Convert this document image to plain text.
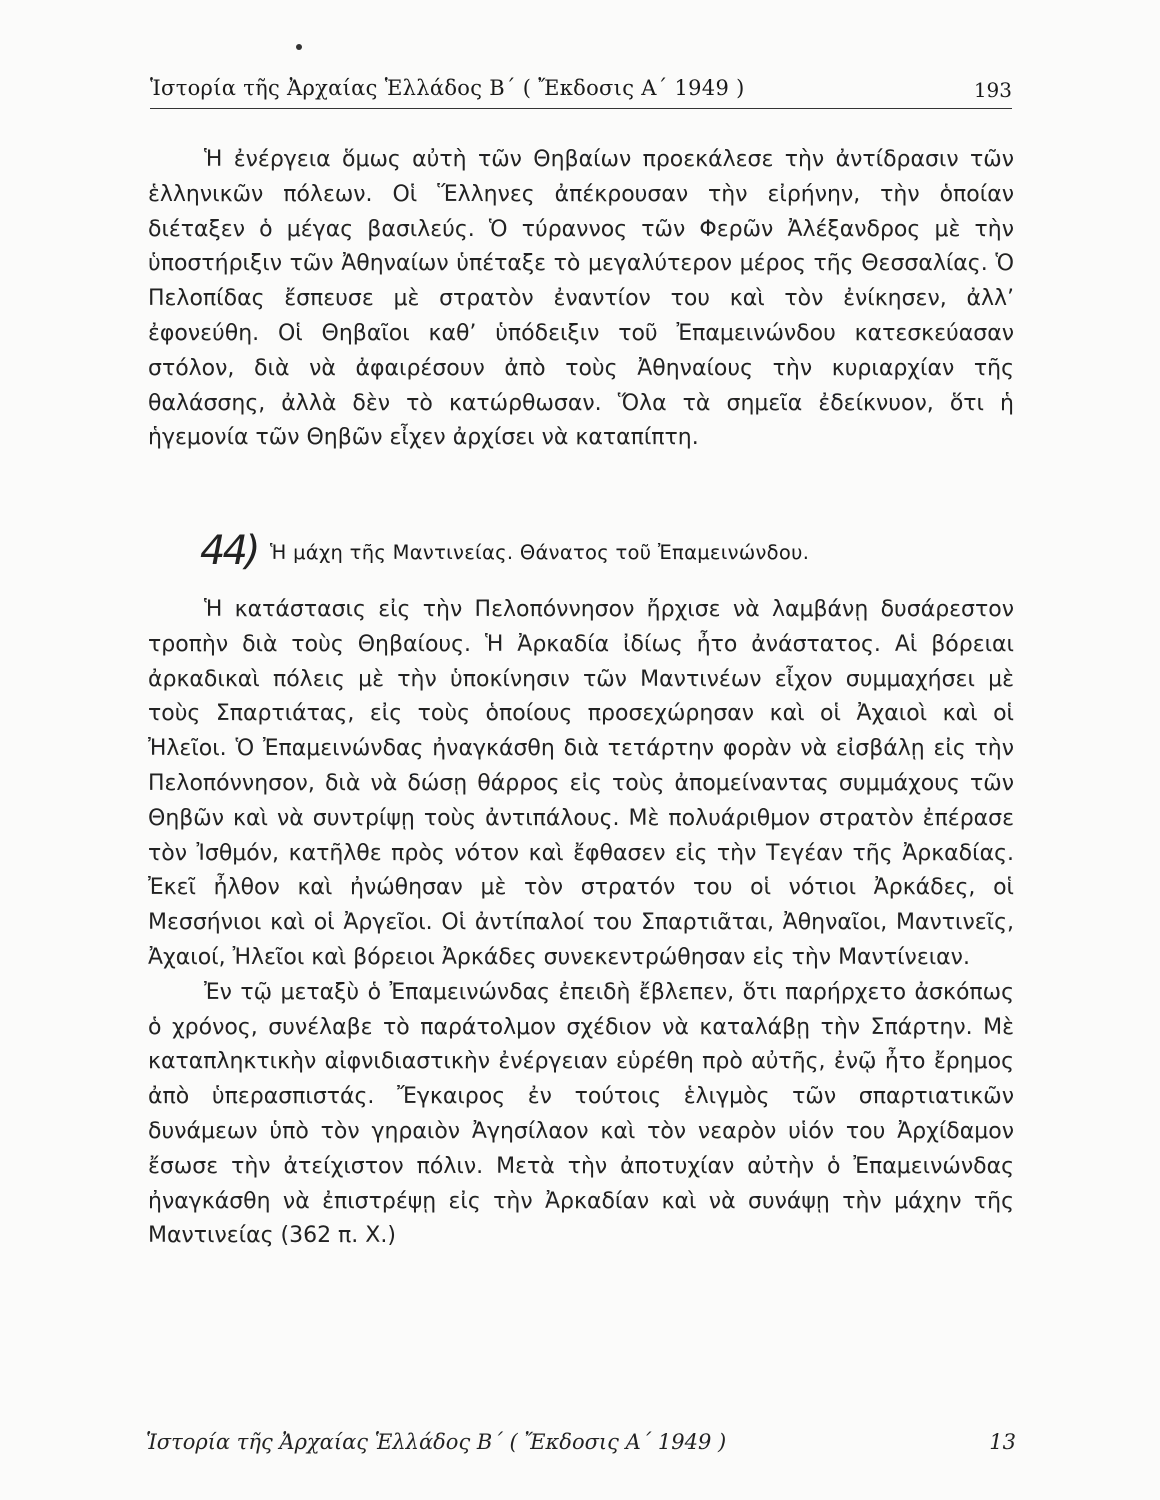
Ἱστορία τῆς Ἀρχαίας Ἑλλάδος Β΄ ( Ἔκδοσις Α΄ 1949 )	193

Ἡ ἐνέργεια ὅμως αὐτὴ τῶν Θηβαίων προεκάλεσε τὴν ἀντίδρασιν τῶν ἑλληνικῶν πόλεων. Οἱ Ἕλληνες ἀπέκρουσαν τὴν εἰρήνην, τὴν ὁποίαν διέταξεν ὁ μέγας βασιλεύς. Ὁ τύραννος τῶν Φερῶν Ἀλέξανδρος μὲ τὴν ὑποστήριξιν τῶν Ἀθηναίων ὑπέταξε τὸ μεγαλύτερον μέρος τῆς Θεσσαλίας. Ὁ Πελοπίδας ἔσπευσε μὲ στρατὸν ἐναντίον του καὶ τὸν ἐνίκησεν, ἀλλ’ ἐφονεύθη. Οἱ Θηβαῖοι καθ’ ὑπόδειξιν τοῦ Ἐπαμεινώνδου κατεσκεύασαν στόλον, διὰ νὰ ἀφαιρέσουν ἀπὸ τοὺς Ἀθηναίους τὴν κυριαρχίαν τῆς θαλάσσης, ἀλλὰ δὲν τὸ κατώρθωσαν. Ὅλα τὰ σημεῖα ἐδείκνυον, ὅτι ἡ ἡγεμονία τῶν Θηβῶν εἶχεν ἀρχίσει νὰ καταπίπτη.

44) Ἡ μάχη τῆς Μαντινείας. Θάνατος τοῦ Ἐπαμεινώνδου.

Ἡ κατάστασις εἰς τὴν Πελοπόννησον ἤρχισε νὰ λαμβάνῃ δυσάρεστον τροπὴν διὰ τοὺς Θηβαίους. Ἡ Ἀρκαδία ἰδίως ἦτο ἀνάστατος. Αἱ βόρειαι ἀρκαδικαὶ πόλεις μὲ τὴν ὑποκίνησιν τῶν Μαντινέων εἶχον συμμαχήσει μὲ τοὺς Σπαρτιάτας, εἰς τοὺς ὁποίους προσεχώρησαν καὶ οἱ Ἀχαιοὶ καὶ οἱ Ἠλεῖοι. Ὁ Ἐπαμεινώνδας ἠναγκάσθη διὰ τετάρτην φορὰν νὰ εἰσβάλῃ εἰς τὴν Πελοπόννησον, διὰ νὰ δώσῃ θάρρος εἰς τοὺς ἀπομείναντας συμμάχους τῶν Θηβῶν καὶ νὰ συντρίψῃ τοὺς ἀντιπάλους. Μὲ πολυάριθμον στρατὸν ἐπέρασε τὸν Ἰσθμόν, κατῆλθε πρὸς νότον καὶ ἔφθασεν εἰς τὴν Τεγέαν τῆς Ἀρκαδίας. Ἐκεῖ ἦλθον καὶ ἠνώθησαν μὲ τὸν στρατόν του οἱ νότιοι Ἀρκάδες, οἱ Μεσσήνιοι καὶ οἱ Ἀργεῖοι. Οἱ ἀντίπαλοί του Σπαρτιᾶται, Ἀθηναῖοι, Μαντινεῖς, Ἀχαιοί, Ἠλεῖοι καὶ βόρειοι Ἀρκάδες συνεκεντρώθησαν εἰς τὴν Μαντίνειαν.

Ἐν τῷ μεταξὺ ὁ Ἐπαμεινώνδας ἐπειδὴ ἔβλεπεν, ὅτι παρήρχετο ἀσκόπως ὁ χρόνος, συνέλαβε τὸ παράτολμον σχέδιον νὰ καταλάβῃ τὴν Σπάρτην. Μὲ καταπληκτικὴν αἰφνιδιαστικὴν ἐνέργειαν εὑρέθη πρὸ αὐτῆς, ἐνῷ ἦτο ἔρημος ἀπὸ ὑπερασπιστάς. Ἔγκαιρος ἐν τούτοις ἑλιγμὸς τῶν σπαρτιατικῶν δυνάμεων ὑπὸ τὸν γηραιὸν Ἀγησίλαον καὶ τὸν νεαρὸν υἱόν του Ἀρχίδαμον ἔσωσε τὴν ἀτείχιστον πόλιν. Μετὰ τὴν ἀποτυχίαν αὐτὴν ὁ Ἐπαμεινώνδας ἠναγκάσθη νὰ ἐπιστρέψῃ εἰς τὴν Ἀρκαδίαν καὶ νὰ συνάψῃ τὴν μάχην τῆς Μαντινείας (362 π. Χ.)

Ἱστορία τῆς Ἀρχαίας Ἑλλάδος Β΄ ( Ἔκδοσις Α΄ 1949 )	13
